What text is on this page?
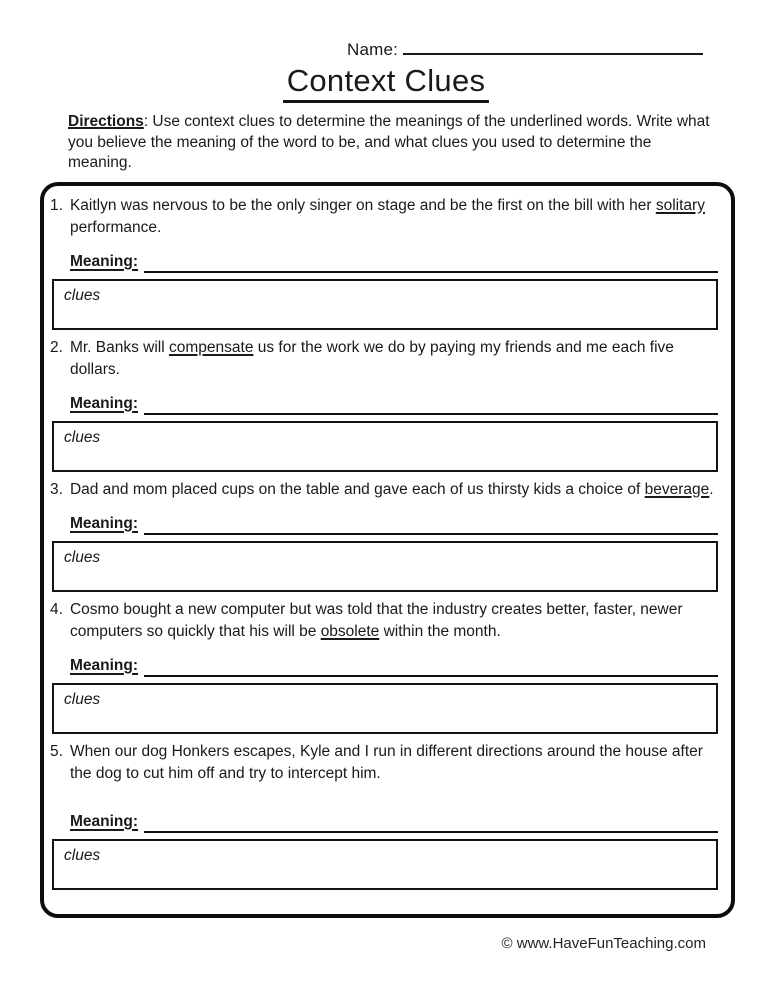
Name:
Context Clues
Directions: Use context clues to determine the meanings of the underlined words. Write what you believe the meaning of the word to be, and what clues you used to determine the meaning.
1. Kaitlyn was nervous to be the only singer on stage and be the first on the bill with her solitary performance.
Meaning:
clues
2. Mr. Banks will compensate us for the work we do by paying my friends and me each five dollars.
Meaning:
clues
3. Dad and mom placed cups on the table and gave each of us thirsty kids a choice of beverage.
Meaning:
clues
4. Cosmo bought a new computer but was told that the industry creates better, faster, newer computers so quickly that his will be obsolete within the month.
Meaning:
clues
5. When our dog Honkers escapes, Kyle and I run in different directions around the house after the dog to cut him off and try to intercept him.
Meaning:
clues
© www.HaveFunTeaching.com
